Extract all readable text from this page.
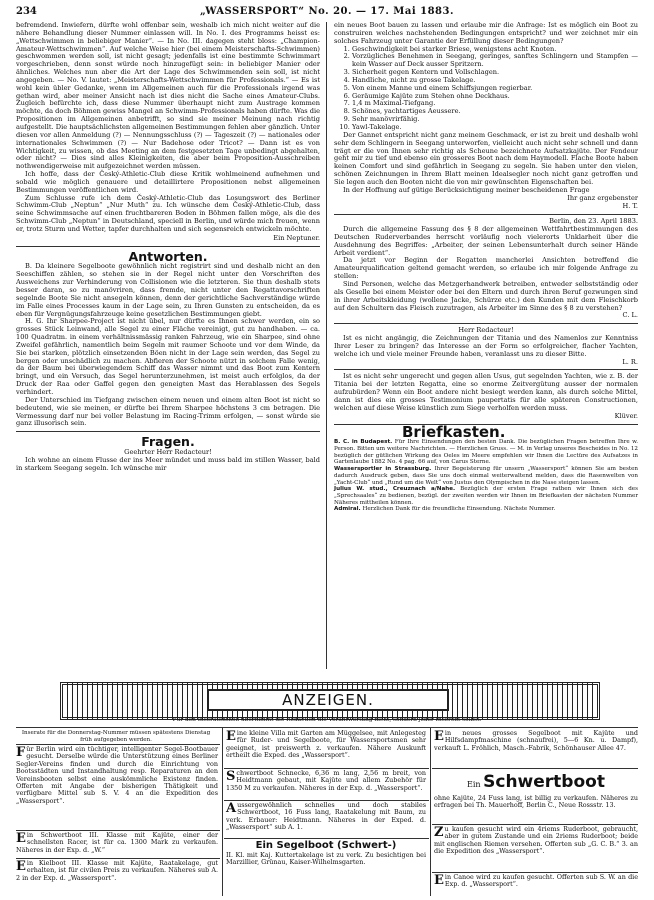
234	„WASSERSPORT“ No. 20. — 17. Mai 1883.

befremdend. Inwiefern, dürfte wohl offenbar sein, weshalb ich mich nicht weiter auf die nähere Behandlung dieser Nummer einlassen will. In No. I. des Programms heisst es: „Wettschwimmen in beliebiger Manier“. — In No. III. dagegen steht bloss: „Champion-Amateur-Wettschwimmen“. Auf welche Weise hier (bei einem Meisterschafts-Schwimmen) geschwommen werden soll, ist nicht gesagt; jedenfalls ist eine bestimmte Schwimmart vorgeschrieben, denn sonst würde noch hinzugefügt sein: in beliebiger Manier oder ähnliches. Welches nun aber die Art der Lage des Schwimmenden sein soll, ist nicht angegeben. — No. V. lautet: „Meisterschafts-Wettschwimmen für Professionals.“ — Es ist wohl kein übler Gedanke, wenn im Allgemeinen auch für die Professionals irgend was gethan wird, aber meiner Ansicht nach ist dies nicht die Sache eines Amateur-Clubs. Zugleich befürchte ich, dass diese Nummer überhaupt nicht zum Austrage kommen möchte, da doch Böhmen gewiss Mangel an Schwimm-Professionals haben dürfte. Was die Propositionen im Allgemeinen anbetrifft, so sind sie meiner Meinung nach richtig aufgestellt. Die hauptsächlichsten allgemeinen Bestimmungen fehlen aber gänzlich. Unter diesen vor allen Anmeldung (?) — Nennungsschluss (?) — Tageszeit (?) — nationales oder internationales Schwimmen (?) — Nur Badehose oder Tricot? — Dann ist es von Wichtigkeit, zu wissen, ob das Meeting an dem festgesetzten Tage unbedingt abgehalten, oder nicht? — Dies sind alles Kleinigkeiten, die aber beim Proposition-Ausschreiben nothwendigerweise mit aufgezeichnet werden müssen.

Ich hoffe, dass der Český-Athletic-Club diese Kritik wohlmeinend aufnehmen und sobald wie möglich genauere und detaillirtere Propositionen nebst allgemeinen Bestimmungen veröffentlichen wird.

Zum Schlusse rufe ich dem Český-Athletic-Club das Losungswort des Berliner Schwimm-Club „Neptun“ „Nur Muth“ zu. Ich wünsche dem Český-Athletic-Club, dass seine Schwimmsache auf einen fruchtbareren Boden in Böhmen fallen möge, als die des Schwimm-Club „Neptun“ in Deutschland, speciell in Berlin, und würde mich freuen, wenn er, trotz Sturm und Wetter, tapfer durchhalten und sich segensreich entwickeln möchte.

Ein Neptuner.
Antworten.

B. Da kleinere Segelboote gewöhnlich nicht registrirt sind und deshalb nicht an den Seeschiffen zählen, so stehen sie in der Regel nicht unter den Vorschriften des Ausweichens zur Verhinderung von Collisionen wie die letzteren. Sie thun deshalb stets besser daran, so zu manövriren, dass fremde, nicht unter den Regattavorschriften segelnde Boote Sie nicht ansegeln können, denn der gerichtliche Sachverständige würde im Falle eines Processes kaum in der Lage sein, zu Ihren Gunsten zu entscheiden, da es eben für Vergnügungsfahrzeuge keine gesetzlichen Bestimmungen giebt.

H. G. Ihr Sharpee-Project ist nicht übel, nur dürfte es Ihnen schwer werden, ein so grosses Stück Leinwand, alle Segel zu einer Fläche vereinigt, gut zu handhaben. — ca. 100 Quadratm. in einem verhältnissmässig ranken Fahrzeug, wie ein Sharpee, sind ohne Zweifel gefährlich, namentlich beim Segeln mit raumer Schoote und vor dem Winde, da Sie bei starken, plötzlich einsetzenden Böen nicht in der Lage sein werden, das Segel zu bergen oder unschädlich zu machen. Abfieren der Schoote nützt in solchem Falle wenig, da der Baum bei überwiegendem Schiff das Wasser nimmt und das Boot zum Kentern bringt, und ein Versuch, das Segel herunterzunehmen, ist meist auch erfolglos, da der Druck der Raa oder Gaffel gegen den geneigten Mast das Herablassen des Segels verhindert.

Der Unterschied im Tiefgang zwischen einem neuen und einem alten Boot ist nicht so bedeutend, wie sie meinen, er dürfte bei Ihrem Sharpee höchstens 3 cm betragen. Die Vermessung darf nur bei voller Belastung im Racing-Trimm erfolgen, — sonst würde sie ganz illusorisch sein.

Fragen.
Geehrter Herr Redacteur!

Ich wohne an einem Flusse der ins Meer mündet und muss bald im stillen Wasser, bald in starkem Seegang segeln. Ich wünsche mir

ein neues Boot bauen zu lassen und erlaube mir die Anfrage: Ist es möglich ein Boot zu construiren welches nachstehenden Bedingungen entspricht? und wer zeichnet mir ein solches Fahrzeug unter Garantie der Erfüllung dieser Bedingungen?

1. Geschwindigkeit bei starker Briese, wenigstens acht Knoten.
2. Vorzügliches Benehmen in Seegang, geringes, sanftes Schlingern und Stampfen — kein Wasser auf Deck ausser Spritzern.
3. Sicherheit gegen Kentern und Vollschlagen.
4. Handliche, nicht zu grosse Takelage.
5. Von einem Manne und einem Schiffsjungen regierbar.
6. Geräumige Kajüte zum Stehen ohne Deckhaus.
7. 1,4 m Maximal-Tiefgang.
8. Schönes, yachtartiges Aeussere.
9. Sehr manövrirfähig.
10. Yawl-Takelage.

Der Gannet entspricht nicht ganz meinem Geschmack, er ist zu breit und deshalb wohl sehr dem Schlingern in Seegang unterworfen, vielleicht auch nicht sehr schnell und dann trägt er die von Ihnen sehr richtig als Scheune bezeichnete Aufsatzkajüte. Der Fendeur geht mir zu tief und ebenso ein grosseres Boot nach dem Haymodell. Flache Boote haben keinen Comfort und sind gefährlich in Seegang zu segeln. Sie haben unter den vielen, schönen Zeichnungen in Ihrem Blatt meinen Idealsegler noch nicht ganz getroffen und Sie legen auch den Booten nicht die von mir gewünschten Eigenschaften bei.

In der Hoffnung auf gütige Berücksichtigung meiner bescheidenen Frage

Ihr ganz ergebenster
H. T.
Berlin, den 23. April 1883.

Durch die allgemeine Fassung des § 8 der allgemeinen Wettfahrtbestimmungen des Deutschen Ruderverbandes herrscht vorläufig noch vielerorts Unklarheit über die Ausdehnung des Begriffes: „Arbeiter, der seinen Lebensunterhalt durch seiner Hände Arbeit verdient“.

Da jetzt vor Beginn der Regatten mancherlei Ansichten betreffend die Amateurqualification geltend gemacht werden, so erlaube ich mir folgende Anfrage zu stellen:

Sind Personen, welche das Metzgerhandwerk betreiben, entweder selbstständig oder als Geselle bei einem Meister oder bei den Eltern und durch ihren Beruf gezwungen sind in ihrer Arbeitskleidung (wollene Jacke, Schürze etc.) den Kunden mit dem Fleischkorb auf den Schultern das Fleisch zuzutragen, als Arbeiter im Sinne des § 8 zu verstehen?

C. L.
Herr Redacteur!

Ist es nicht angängig, die Zeichnungen der Titania und des Namenlos zur Kenntniss Ihrer Leser zu bringen? das Interesse an der Form so erfolgreicher, flacher Yachten, welche ich und viele meiner Freunde haben, veranlasst uns zu dieser Bitte.

L. R.

Ist es nicht sehr ungerecht und gegen allen Usus, gut segelnden Yachten, wie z. B. der Titania bei der letzten Regatta, eine so enorme Zeitvergütung ausser der normalen aufzubürden? Wenn ein Boot andere nicht besiegt werden kann, als durch solche Mittel, dann ist dies ein grosses Testimonium paupertatis für alle späteren Constructionen, welchen auf diese Weise künstlich zum Siege verholfen werden muss.

Klüver.
Briefkasten.

B. C. in Budapest. Für Ihre Einsendungen den besten Dank. Die bezüglichen Fragen betreffen Ihre w. Person. Bitten um weitere Nachrichten. — Herzlichen Gruss. — M. in Verlag unseres Bescheides in No. 12 bezüglich der gütlichen Wirkung des Oeles im Meere empfehlen wir Ihnen die Lectüre des Aufsatzes in Gartenlaube 1882 No. 4 pag. 66 auf, von Carus Sterne.

Wassersportler in Strassburg. Ihrer Begeisterung für unsern „Wassersport“ können Sie am besten dadurch Ausdruck geben, dass Sie uns doch einmal weiterwaltend melden, dass die Rasenwelten von „Yacht-Club“ und „Rund um die Welt“ von Justus den Olympischen in die Nase steigen lassen.

Julius W. stud., Creuznach a/Nahe. Bezüglich der ersten Frage rathen wir Ihnen sich des „Sprechsaales“ zu bedienen, bezügl. der zweiten werden wir Ihnen im Briefkasten der nächsten Nummer Näheres mittheilen können.

Admiral. Herzlichen Dank für die freundliche Einsendung. Nächste Nummer.

ANZEIGEN.
Für den Inseratentheil übernimmt die Redaction die Verantwortung nicht, sondern jeder Inserent selbst.
Inserate für die Donnerstag-Nummer müssen spätestens Dienstag früh aufgegeben werden.
Für Berlin wird ein tüchtiger, intelligenter Segel-Bootbauer gesucht. Derselbe würde die Unterstützung eines Berliner Segler-Vereins finden und durch die Einrichtung von Bootsstädten und Instandhaltung resp. Reparaturen an den Vereinsbooten selbst eine auskömmliche Existenz finden. Offerten mit Angabe der bisherigen Thätigkeit und verfügbare Mittel sub S. V. 4 an die Expedition des „Wassersport“.
Ein Schwertboot III. Klasse mit Kajüte, einer der schnellsten Racer, ist für ca. 1300 Mark zu verkaufen. Näheres in der Exp. d. „W.“
Ein Kielboot III. Klasse mit Kajüte, Raatakelage, gut erhalten, ist für civilen Preis zu verkaufen. Näheres sub A. 2 in der Exp. d. „Wassersport“.
Eine kleine Villa mit Garten am Müggelsee, mit Anlegesteg für Ruder- und Segelboote, für Wassersportsmen sehr geeignet, ist preiswerth z. verkaufen. Nähere Auskunft ertheilt die Exped. des „Wassersport“.
Schwertboot Schnecke, 6,36 m lang, 2,56 m breit, von Heidtmann gebaut, mit Kajüte und allem Zubehör für 1350 M zu verkaufen. Näheres in der Exp. d. „Wassersport“.
Aussergewöhnlich schnelles und doch stabiles Schwertboot, 16 Fuss lang, Raatakelung mit Baum, zu verk. Erbauer: Heidtmann. Näheres in der Exped. d. „Wassersport“ sub A. 1.
Ein Segelboot (Schwert-)
II. Kl. mit Kaj. Kuttertakelage ist zu verk. Zu besichtigen bei Marzillier, Grünau, Kaiser-Wilhelmsgarten.
Ein neues grosses Segelboot mit Kajüte und Hilfsdampfmaschine (schnaufrei), 5—6 Kn. u. Dampf), verkauft L. Fröhlich, Masch.-Fabrik, Schönhauser Allee 47.
Ein Schwertboot
ohne Kajüte, 24 Fuss lang, ist billig zu verkaufen. Näheres zu erfragen bei Th. Mauerhoff, Berlin C., Neue Rossstr. 13.
Zu kaufen gesucht wird ein 4riems Ruderboot, gebraucht, aber in gutem Zustande und ein 2riems Ruderboot; beide mit englischen Riemen versehen. Offerten sub „G. C. B.“ 3. an die Expedition des „Wassersport“.
Ein Canoe wird zu kaufen gesucht. Offerten sub S. W. an die Exp. d. „Wassersport“.
